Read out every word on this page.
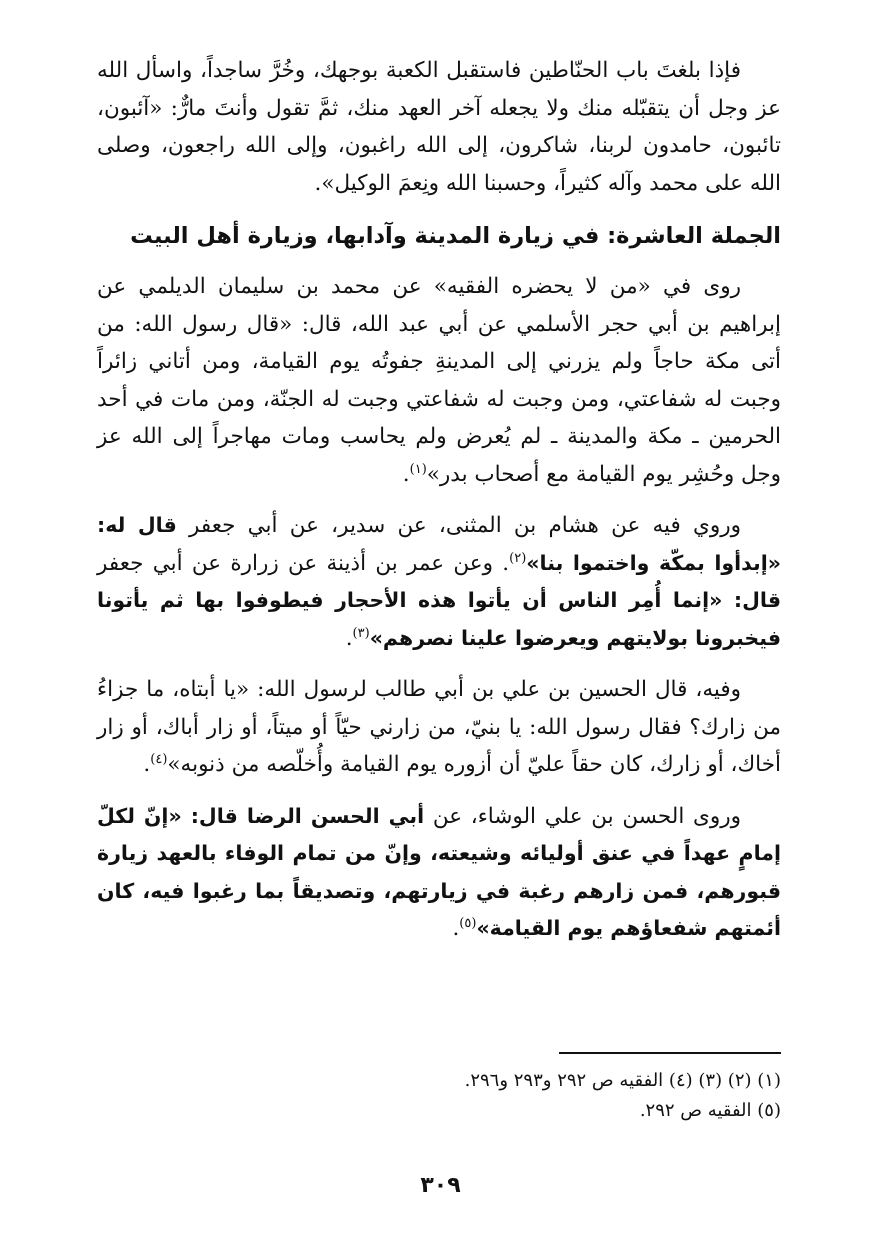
فإذا بلغتَ باب الحنّاطين فاستقبل الكعبة بوجهك، وخُرَّ ساجداً، واسأل الله عز وجل أن يتقبّله منك ولا يجعله آخر العهد منك، ثمَّ تقول وأنتَ مارٌّ: «آئبون، تائبون، حامدون لربنا، شاكرون، إلى الله راغبون، وإلى الله راجعون، وصلى الله على محمد وآله كثيراً، وحسبنا الله ونِعمَ الوكيل».

الجملة العاشرة: في زيارة المدينة وآدابها، وزيارة أهل البيت

روى في «من لا يحضره الفقيه» عن محمد بن سليمان الديلمي عن إبراهيم بن أبي حجر الأسلمي عن أبي عبد الله، قال: «قال رسول الله: من أتى مكة حاجاً ولم يزرني إلى المدينةِ جفوتُه يوم القيامة، ومن أتاني زائراً وجبت له شفاعتي، ومن وجبت له شفاعتي وجبت له الجنّة، ومن مات في أحد الحرمين ـ مكة والمدينة ـ لم يُعرض ولم يحاسب ومات مهاجراً إلى الله عز وجل وحُشِر يوم القيامة مع أصحاب بدر»$^{(١)}$.

وروي فيه عن هشام بن المثنى، عن سدير، عن أبي جعفر قال له: «إبدأوا بمكّة واختموا بنا»$^{(٢)}$. وعن عمر بن أذينة عن زرارة عن أبي جعفر قال: «إنما أُمِر الناس أن يأتوا هذه الأحجار فيطوفوا بها ثم يأتونا فيخبرونا بولايتهم ويعرضوا علينا نصرهم»$^{(٣)}$.

وفيه، قال الحسين بن علي بن أبي طالب لرسول الله: «يا أبتاه، ما جزاءُ من زارك؟ فقال رسول الله: يا بنيّ، من زارني حيّاً أو ميتاً، أو زار أباك، أو زار أخاك، أو زارك، كان حقاً عليّ أن أزوره يوم القيامة وأُخلّصه من ذنوبه»$^{(٤)}$.

وروى الحسن بن علي الوشاء، عن أبي الحسن الرضا قال: «إنّ لكلّ إمامٍ عهداً في عنق أوليائه وشيعته، وإنّ من تمام الوفاء بالعهد زيارة قبورهم، فمن زارهم رغبة في زيارتهم، وتصديقاً بما رغبوا فيه، كان أئمتهم شفعاؤهم يوم القيامة»$^{(٥)}$.

(١) (٢) (٣) (٤) الفقيه ص ٢٩٢ و٢٩٣ و٢٩٦.
(٥) الفقيه ص ٢٩٢.
٣٠٩
